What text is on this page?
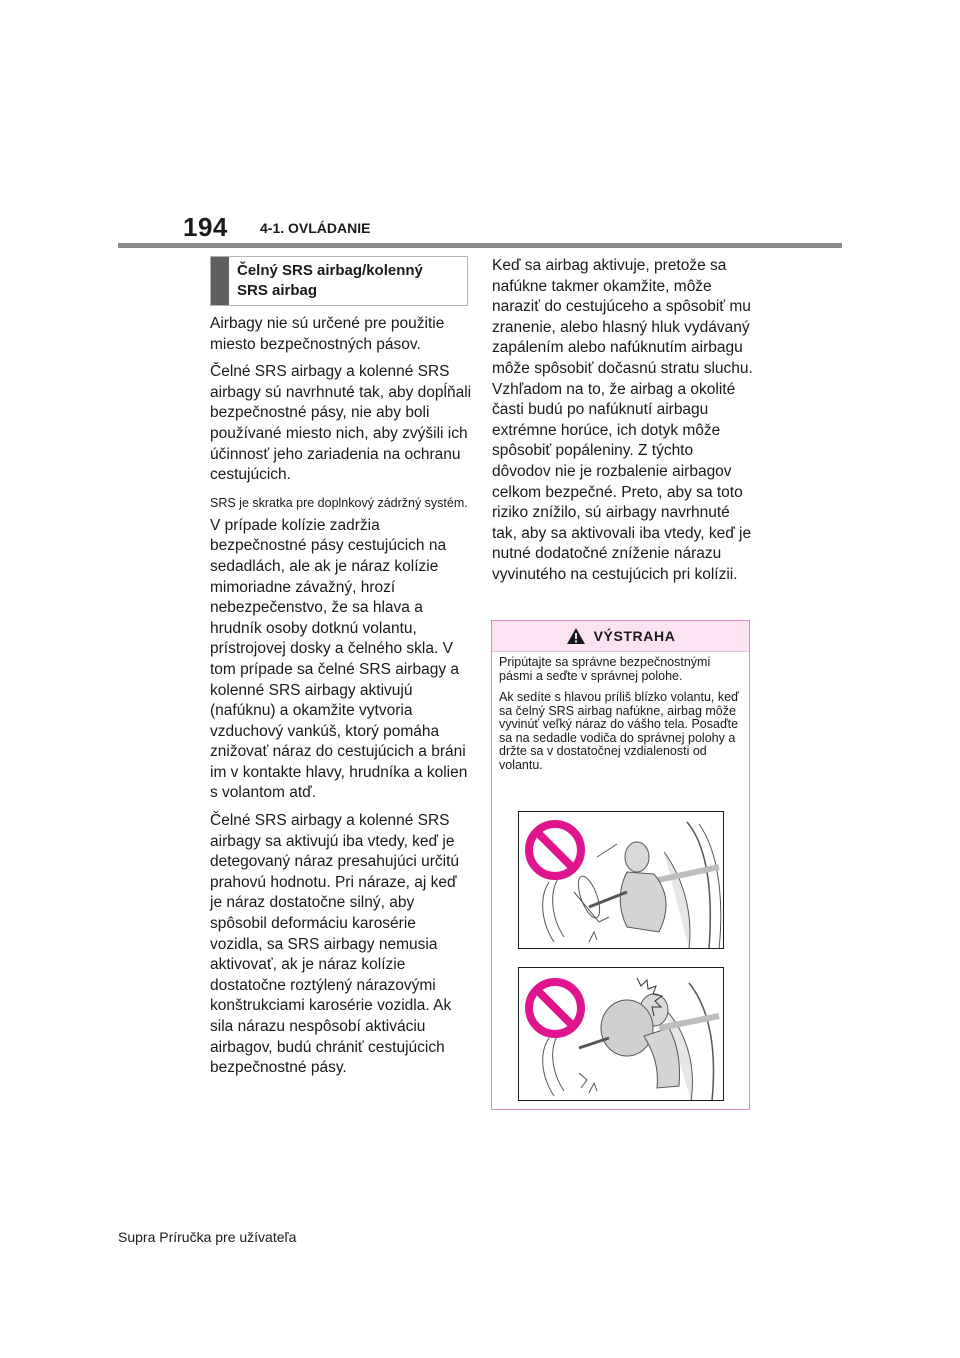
194 4-1. OVLÁDANIE
Čelný SRS airbag/kolenný
SRS airbag

Airbagy nie sú určené pre použitie miesto bezpečnostných pásov.

Čelné SRS airbagy a kolenné SRS airbagy sú navrhnuté tak, aby dopĺňali bezpečnostné pásy, nie aby boli používané miesto nich, aby zvýšili ich účinnosť jeho zariadenia na ochranu cestujúcich.

SRS je skratka pre doplnkový zádržný systém.

V prípade kolízie zadržia bezpečnostné pásy cestujúcich na sedadlách, ale ak je náraz kolízie mimoriadne závažný, hrozí nebezpečenstvo, že sa hlava a hrudník osoby dotknú volantu, prístrojovej dosky a čelného skla. V tom prípade sa čelné SRS airbagy a kolenné SRS airbagy aktivujú (nafúknu) a okamžite vytvoria vzduchový vankúš, ktorý pomáha znižovať náraz do cestujúcich a bráni im v kontakte hlavy, hrudníka a kolien s volantom atď.

Čelné SRS airbagy a kolenné SRS airbagy sa aktivujú iba vtedy, keď je detegovaný náraz presahujúci určitú prahovú hodnotu. Pri náraze, aj keď je náraz dostatočne silný, aby spôsobil deformáciu karosérie vozidla, sa SRS airbagy nemusia aktivovať, ak je náraz kolízie dostatočne roztýlený nárazovými konštrukciami karosérie vozidla. Ak sila nárazu nespôsobí aktiváciu airbagov, budú chrániť cestujúcich bezpečnostné pásy.

Keď sa airbag aktivuje, pretože sa nafúkne takmer okamžite, môže naraziť do cestujúceho a spôsobiť mu zranenie, alebo hlasný hluk vydávaný zapálením alebo nafúknutím airbagu môže spôsobiť dočasnú stratu sluchu. Vzhľadom na to, že airbag a okolité časti budú po nafúknutí airbagu extrémne horúce, ich dotyk môže spôsobiť popáleniny. Z týchto dôvodov nie je rozbalenie airbagov celkom bezpečné. Preto, aby sa toto riziko znížilo, sú airbagy navrhnuté tak, aby sa aktivovali iba vtedy, keď je nutné dodatočné zníženie nárazu vyvinutého na cestujúcich pri kolízii.

VÝSTRAHA

Pripútajte sa správne bezpečnostnými pásmi a seďte v správnej polohe.

Ak sedíte s hlavou príliš blízko volantu, keď sa čelný SRS airbag nafúkne, airbag môže vyvinúť veľký náraz do vášho tela. Posaďte sa na sedadle vodiča do správnej polohy a držte sa v dostatočnej vzdialenosti od volantu.

Supra Príručka pre užívateľa
